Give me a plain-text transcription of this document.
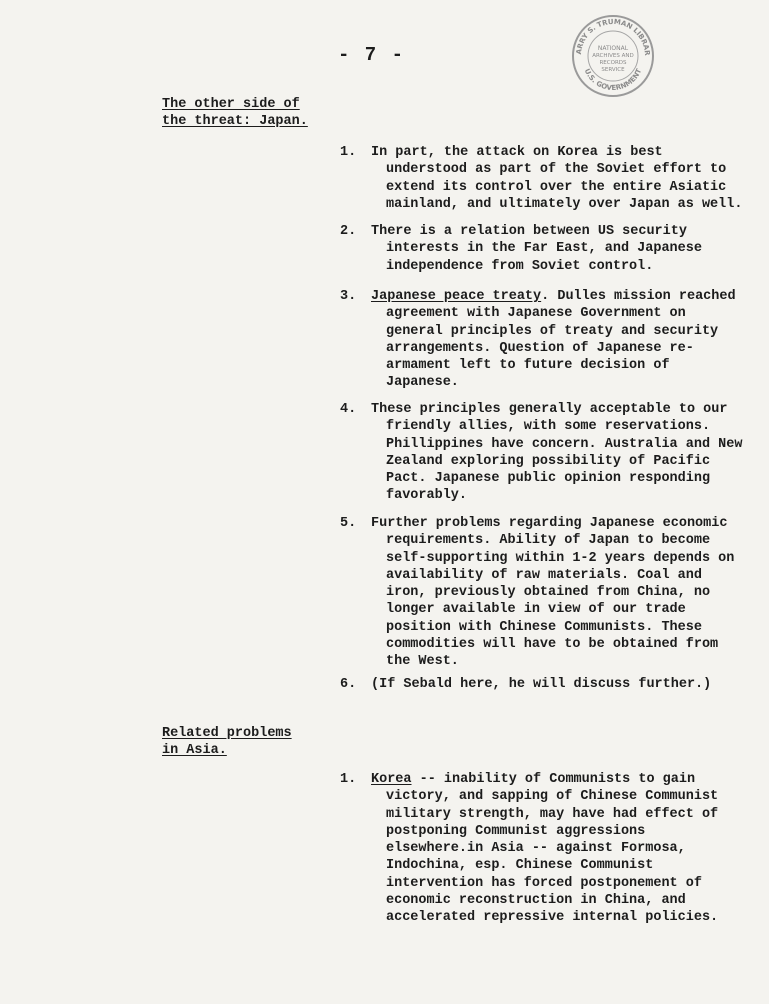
- 7 -	NATIONAL
ARCHIVES AND
RECORDS
SERVICE
ARRY S. TRUMAN LIBRAR
U.S. GOVERNMENT
The other side of
the threat: Japan.
1. In part, the attack on Korea is best understood as part of the Soviet effort to extend its control over the entire Asiatic mainland, and ultimately over Japan as well.
2. There is a relation between US security interests in the Far East, and Japanese independence from Soviet control.
3. Japanese peace treaty. Dulles mission reached agreement with Japanese Government on general principles of treaty and security arrangements. Question of Japanese re-armament left to future decision of Japanese.
4. These principles generally acceptable to our friendly allies, with some reservations. Phillippines have concern. Australia and New Zealand exploring possibility of Pacific Pact. Japanese public opinion responding favorably.
5. Further problems regarding Japanese economic requirements. Ability of Japan to become self-supporting within 1-2 years depends on availability of raw materials. Coal and iron, previously obtained from China, no longer available in view of our trade position with Chinese Communists. These commodities will have to be obtained from the West.
6. (If Sebald here, he will discuss further.)
Related problems
in Asia.
1. Korea -- inability of Communists to gain victory, and sapping of Chinese Communist military strength, may have had effect of postponing Communist aggressions elsewhere.in Asia -- against Formosa, Indochina, esp. Chinese Communist intervention has forced postponement of economic reconstruction in China, and accelerated repressive internal policies.
